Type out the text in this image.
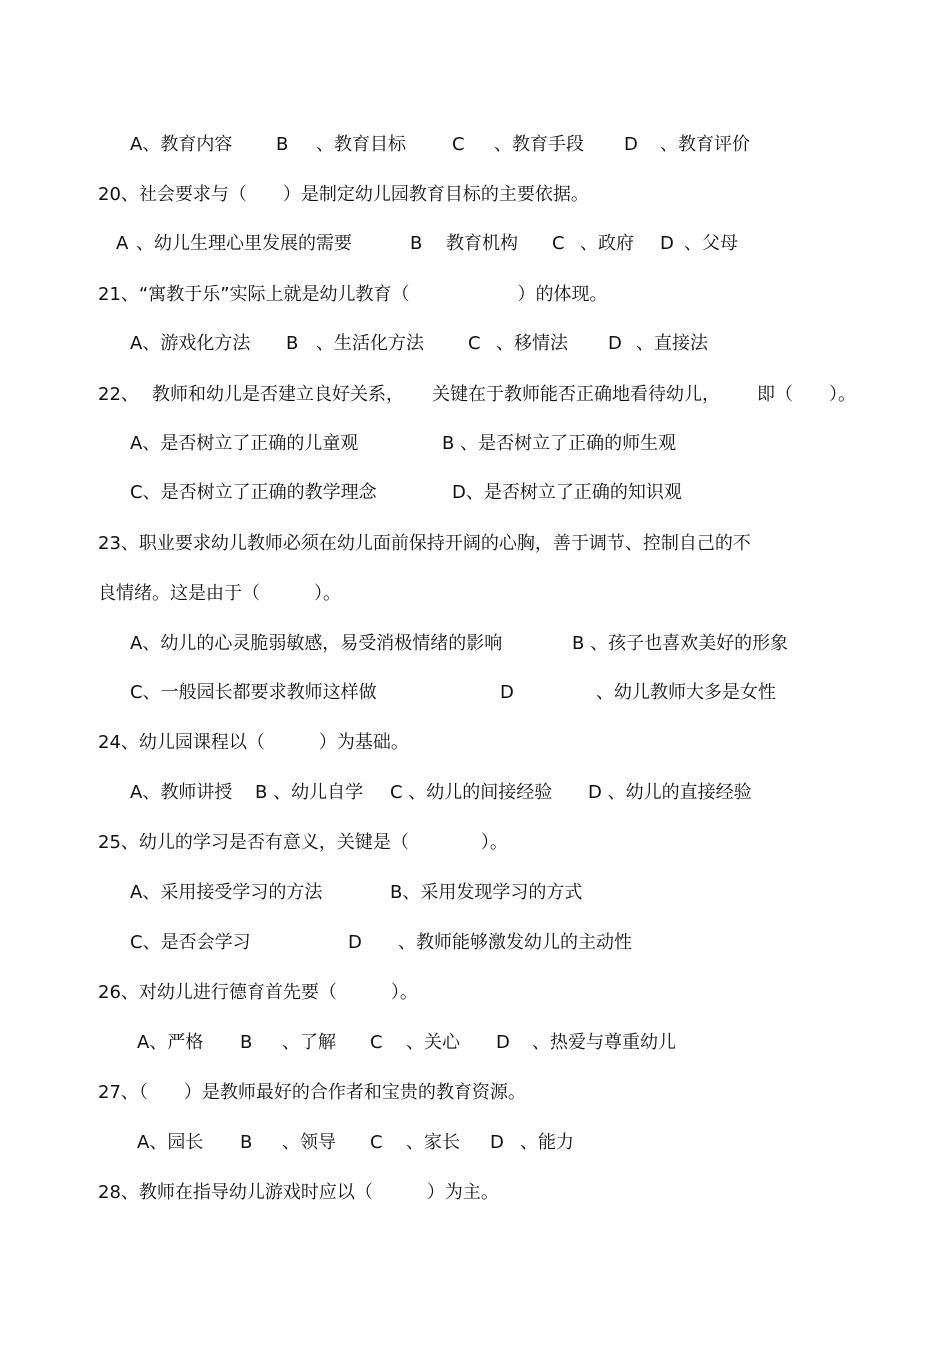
A、教育内容 B 、教育目标	C 、教育手段 D 、教育评价
20、社会要求与（　　）是制定幼儿园教育目标的主要依据。
A 、幼儿生理心里发展的需要	B 教育机构 C 、政府 D 、父母
21、“寓教于乐”实际上就是幼儿教育（　　　　　　）的体现。
A、游戏化方法 B 、生活化方法 C 、移情法 D 、直接法
22、 教师和幼儿是否建立良好关系， 关键在于教师能否正确地看待幼儿， 即（　　）。
A、是否树立了正确的儿童观	B 、是否树立了正确的师生观
C、是否树立了正确的教学理念	D、是否树立了正确的知识观
23、职业要求幼儿教师必须在幼儿面前保持开阔的心胸，善于调节、控制自己的不
良情绪。这是由于（　　　）。
A、幼儿的心灵脆弱敏感，易受消极情绪的影响	B 、孩子也喜欢美好的形象
C、一般园长都要求教师这样做	D	、幼儿教师大多是女性
24、幼儿园课程以（　　　）为基础。
A、教师讲授 B 、幼儿自学 C 、幼儿的间接经验 D 、幼儿的直接经验
25、幼儿的学习是否有意义，关键是（　　　　）。
A、采用接受学习的方法	B、采用发现学习的方式
C、是否会学习	D 、教师能够激发幼儿的主动性
26、对幼儿进行德育首先要（　　　）。
A、严格 B 、了解 C 、关心 D 、热爱与尊重幼儿
27、（　　）是教师最好的合作者和宝贵的教育资源。
A、园长 B 、领导 C 、家长 D 、能力
28、教师在指导幼儿游戏时应以（　　　）为主。
